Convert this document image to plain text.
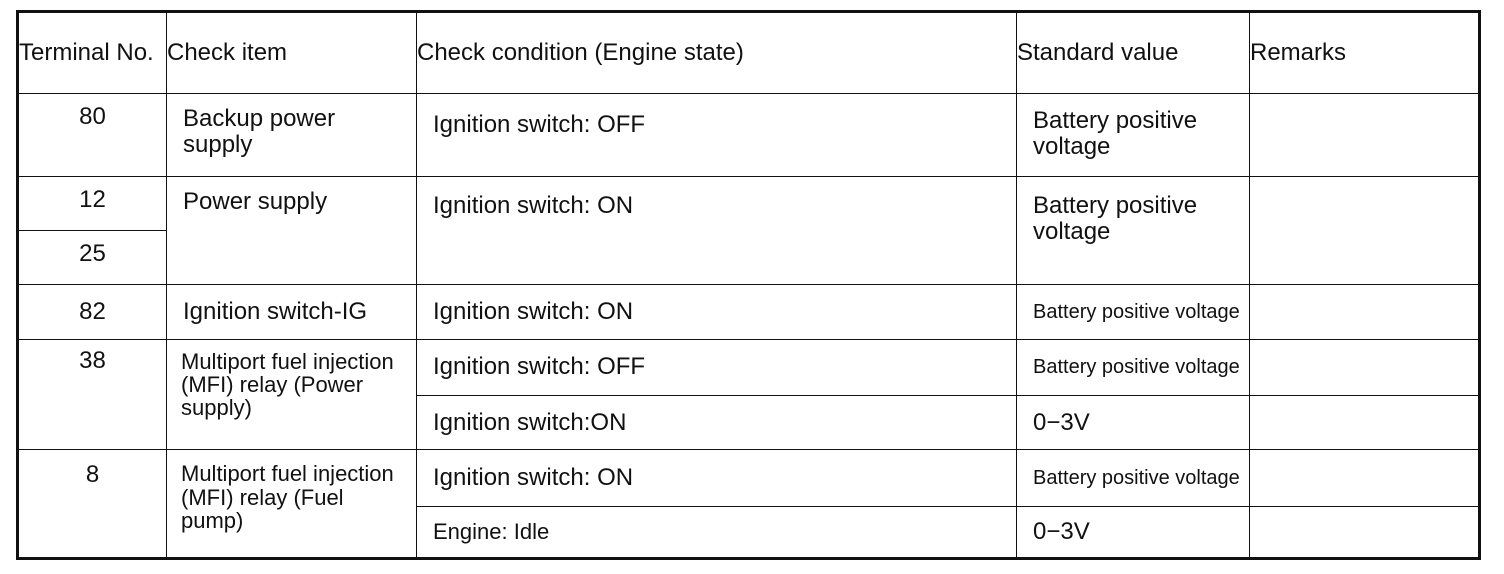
Terminal No.	Check item	Check condition (Engine state)	Standard value	Remarks
80	Backup power supply	Ignition switch: OFF	Battery positive voltage	
12	Power supply	Ignition switch: ON	Battery positive voltage	
25				
82	Ignition switch-IG	Ignition switch: ON	Battery positive voltage	
38	Multiport fuel injection (MFI) relay (Power supply)	Ignition switch: OFF	Battery positive voltage	
		Ignition switch:ON	0−3V	
8	Multiport fuel injection (MFI) relay (Fuel pump)	Ignition switch: ON	Battery positive voltage	
		Engine: Idle	0−3V	
